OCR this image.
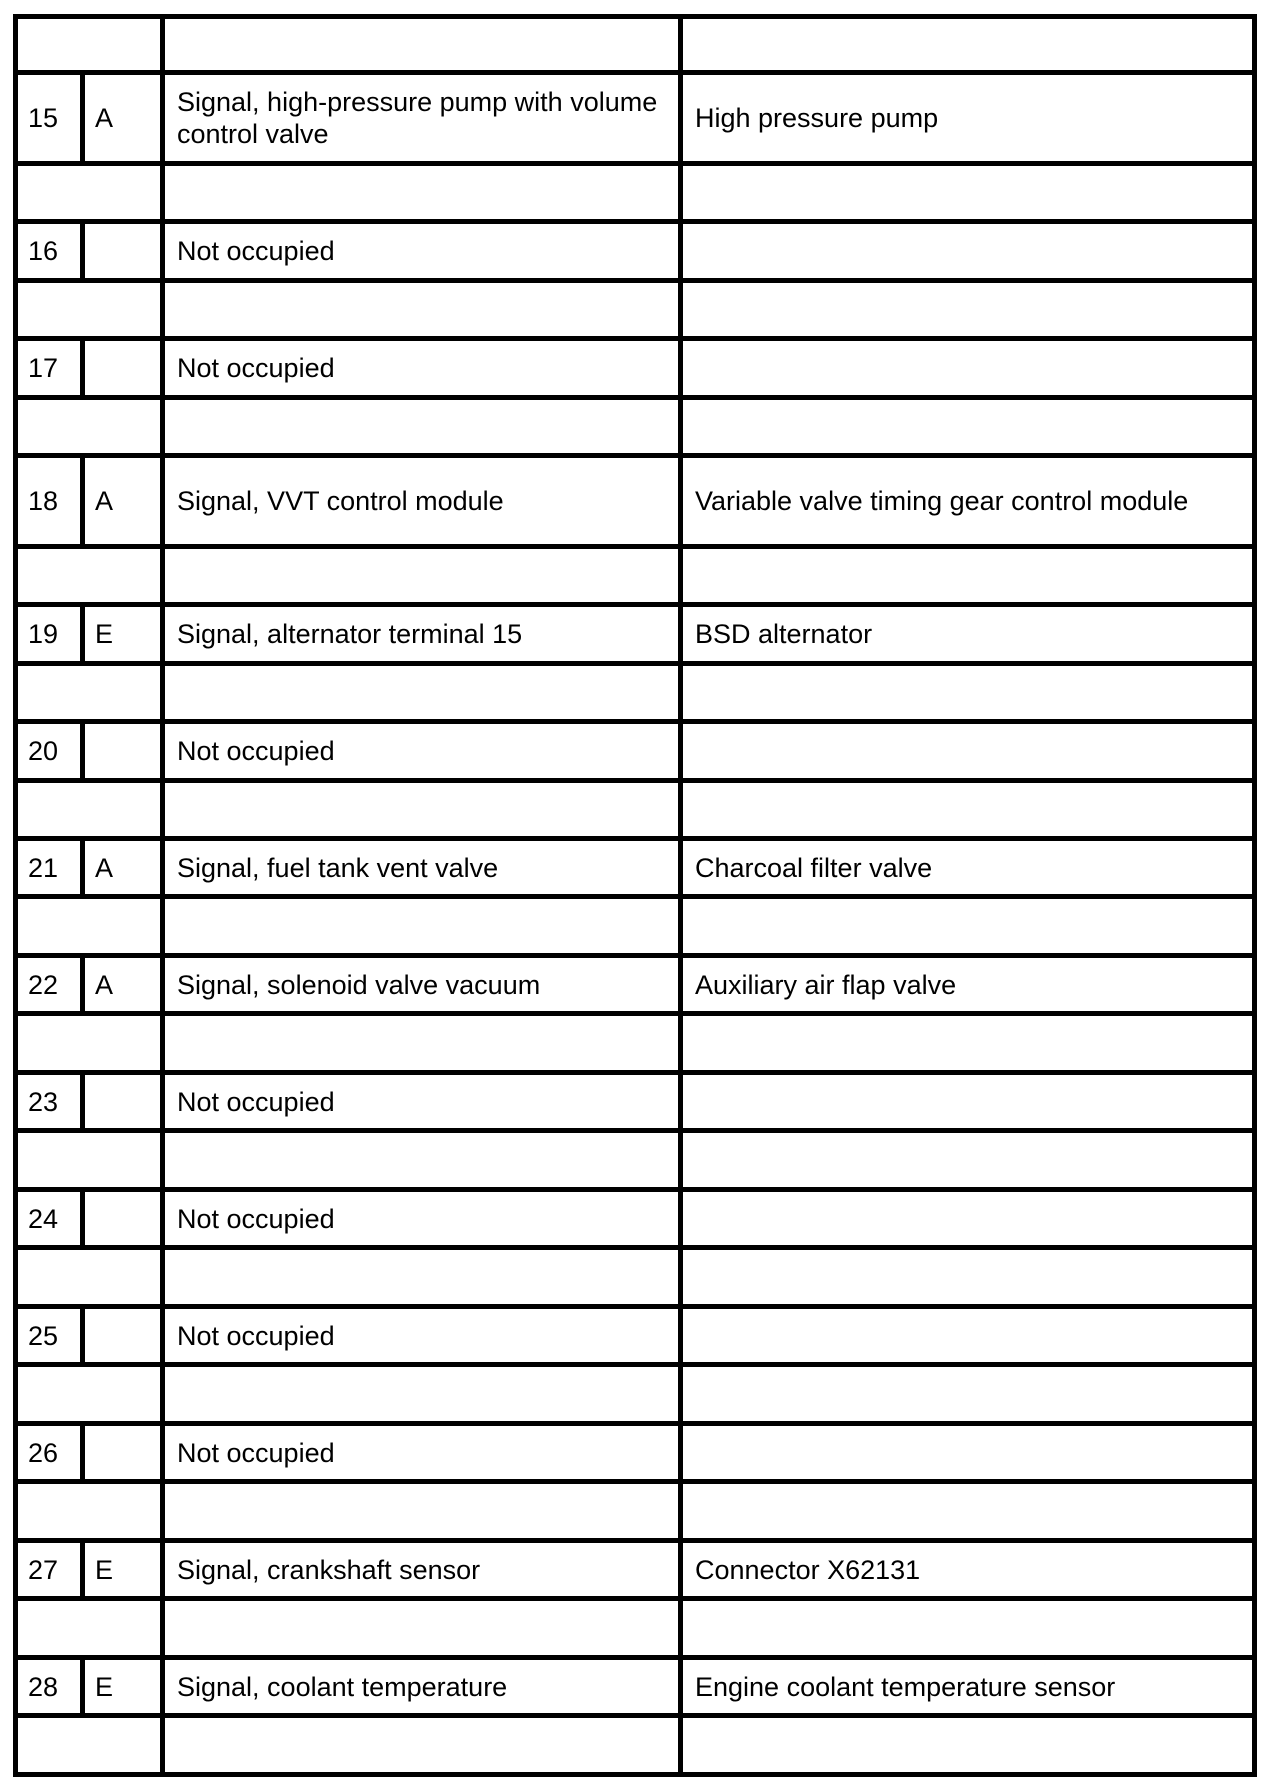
15	A	Signal, high-pressure pump with volume control valve	High pressure pump

16		Not occupied	

17		Not occupied	

18	A	Signal, VVT control module	Variable valve timing gear control module

19	E	Signal, alternator terminal 15	BSD alternator

20		Not occupied	

21	A	Signal, fuel tank vent valve	Charcoal filter valve

22	A	Signal, solenoid valve vacuum	Auxiliary air flap valve

23		Not occupied	

24		Not occupied	

25		Not occupied	

26		Not occupied	

27	E	Signal, crankshaft sensor	Connector X62131

28	E	Signal, coolant temperature	Engine coolant temperature sensor
